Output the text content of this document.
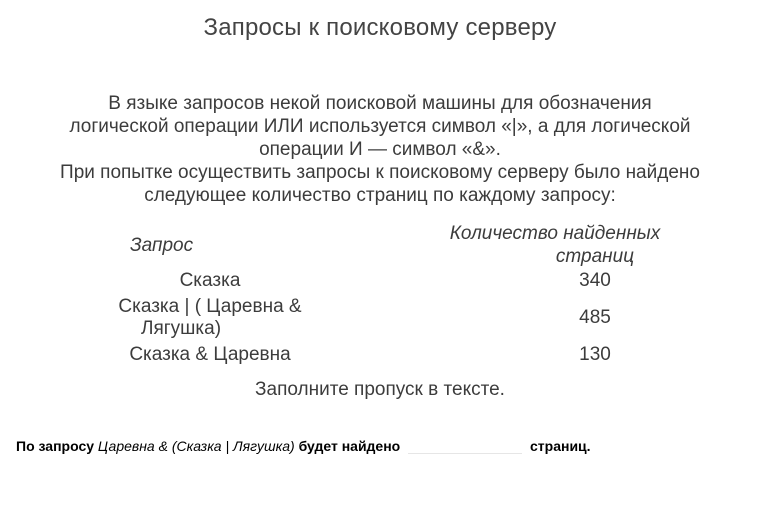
Запросы к поисковому серверу

В языке запросов некой поисковой машины для обозначения

логической операции ИЛИ используется символ «|», а для логической

операции И — символ «&».

При попытке осуществить запросы к поисковому серверу было найдено

следующее количество страниц по каждому запросу:

Запрос	Количество найденных
страниц
Сказка	340
Сказка | ( Царевна &
Лягушка)	485
Сказка & Царевна	130
Заполните пропуск в тексте.
По запросу Царевна & (Сказка | Лягушка) будет найдено	страниц.
